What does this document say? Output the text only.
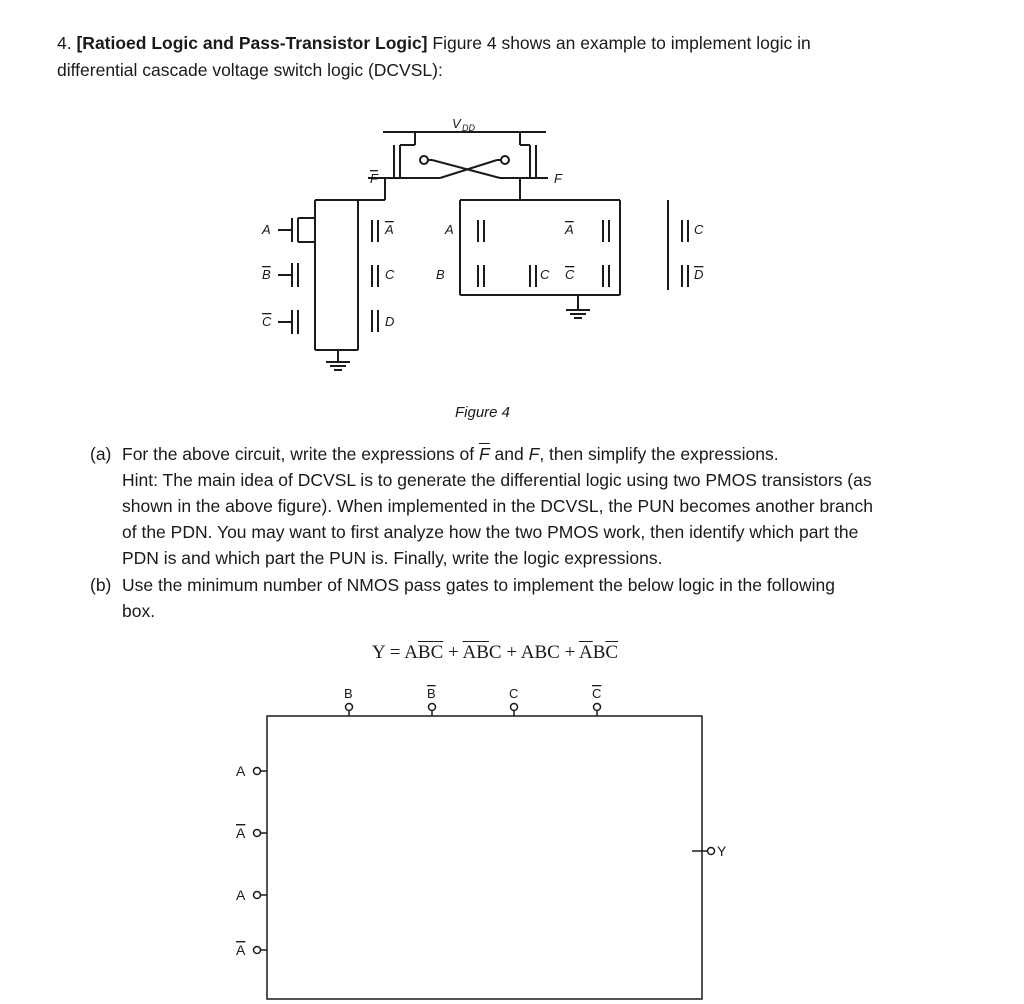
4. [Ratioed Logic and Pass-Transistor Logic] Figure 4 shows an example to implement logic in
differential cascade voltage switch logic (DCVSL):
V DD
F	F
A
B
C
A
C
D
A
B	C
A
C
C
D
Figure 4
(a) For the above circuit, write the expressions of $\overline{F}$ and F, then simplify the expressions.
Hint: The main idea of DCVSL is to generate the differential logic using two PMOS transistors (as
shown in the above figure). When implemented in the DCVSL, the PUN becomes another branch
of the PDN. You may want to first analyze how the two PMOS work, then identify which part the
PDN is and which part the PUN is. Finally, write the logic expressions.
(b) Use the minimum number of NMOS pass gates to implement the below logic in the following
box.
$Y = A\overline{BC} + \overline{A}\overline{B}C$ + ABC + $\overline{A}B\overline{C}$
B	B	C	C
A
A
A
A
Y
